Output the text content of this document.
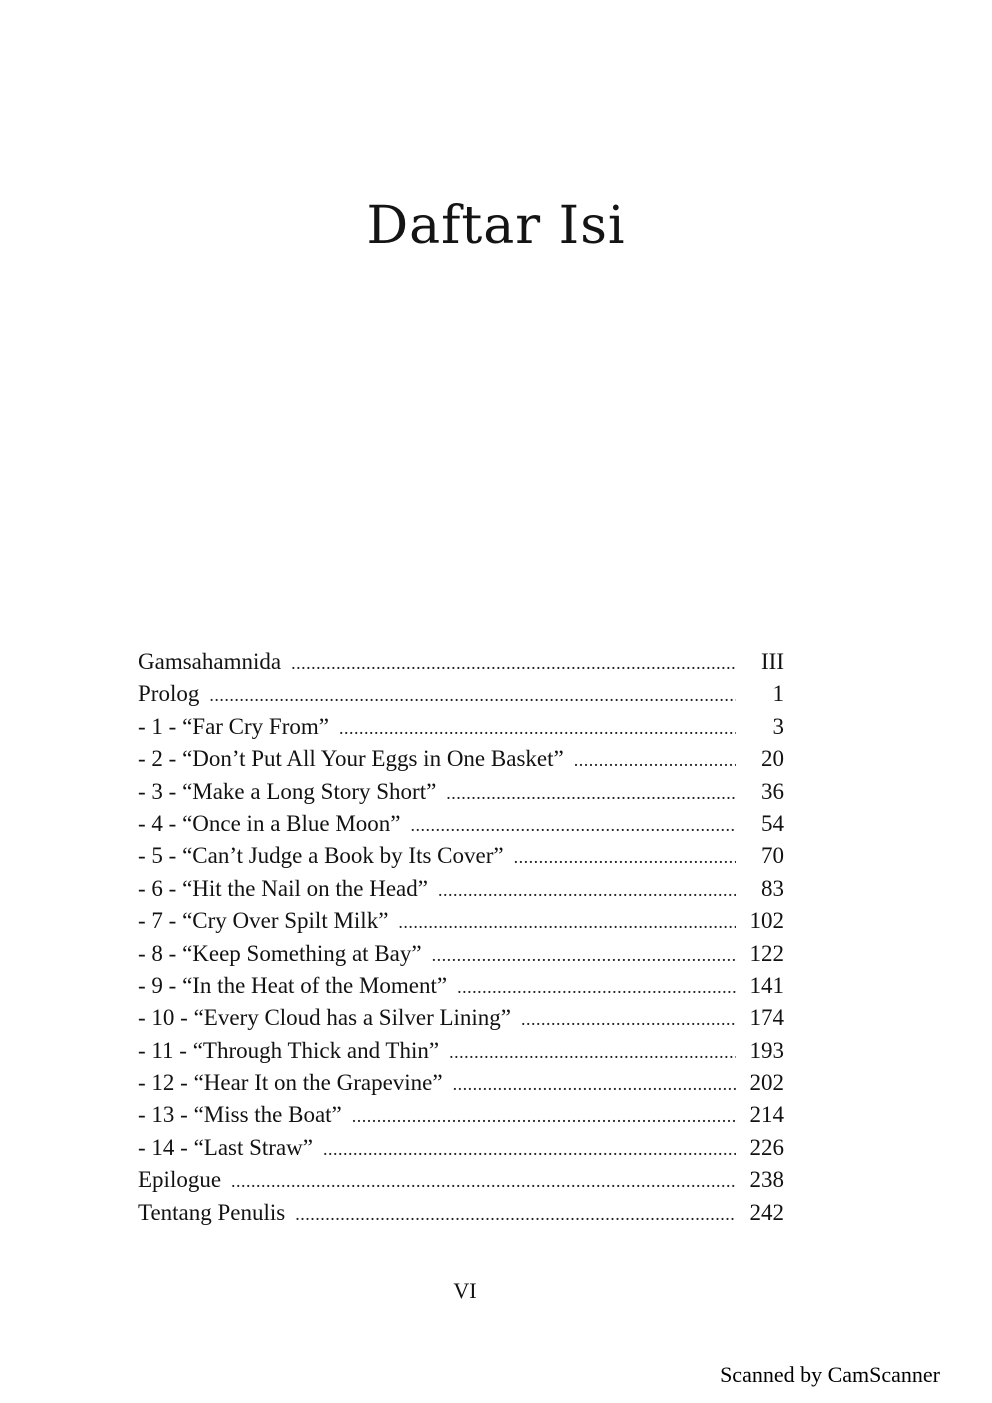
Daftar Isi
Gamsahamnida . . .	III
Prolog . . .	1
- 1 - “Far Cry From” . . .	3
- 2 - “Don’t Put All Your Eggs in One Basket” . . .	20
- 3 - “Make a Long Story Short” . . .	36
- 4 - “Once in a Blue Moon” . . .	54
- 5 - “Can’t Judge a Book by Its Cover” . . .	70
- 6 - “Hit the Nail on the Head” . . .	83
- 7 - “Cry Over Spilt Milk” . . .	102
- 8 - “Keep Something at Bay” . . .	122
- 9 - “In the Heat of the Moment” . . .	141
- 10 - “Every Cloud has a Silver Lining” . . .	174
- 11 - “Through Thick and Thin” . . .	193
- 12 - “Hear It on the Grapevine” . . .	202
- 13 - “Miss the Boat” . . .	214
- 14 - “Last Straw” . . .	226
Epilogue . . .	238
Tentang Penulis . . .	242
VI
Scanned by CamScanner
